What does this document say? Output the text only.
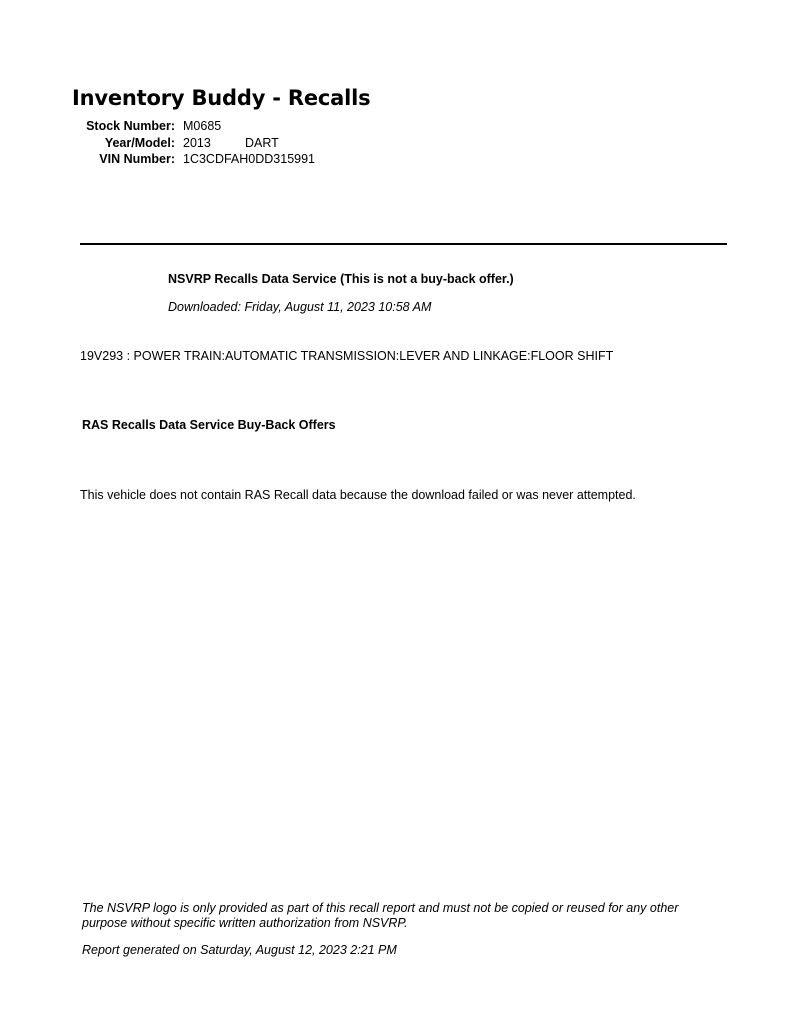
Inventory Buddy - Recalls
Stock Number: M0685
Year/Model: 2013	DART
VIN Number: 1C3CDFAH0DD315991
NSVRP Recalls Data Service (This is not a buy-back offer.)
Downloaded: Friday, August 11, 2023 10:58 AM
19V293 : POWER TRAIN:AUTOMATIC TRANSMISSION:LEVER AND LINKAGE:FLOOR SHIFT
RAS Recalls Data Service Buy-Back Offers
This vehicle does not contain RAS Recall data because the download failed or was never attempted.
The NSVRP logo is only provided as part of this recall report and must not be copied or reused for any other purpose without specific written authorization from NSVRP.
Report generated on Saturday, August 12, 2023 2:21 PM
